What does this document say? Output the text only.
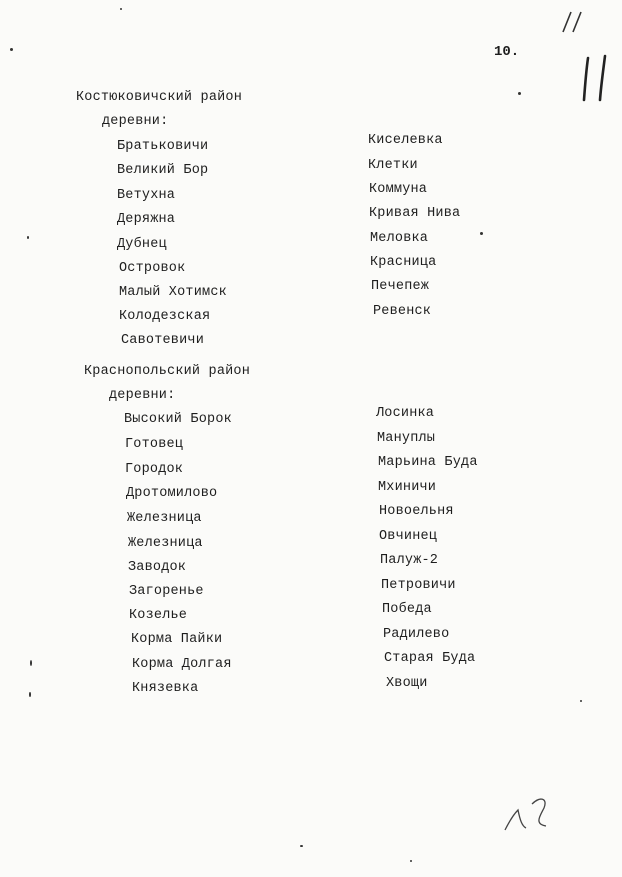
10.
Костюковичский район
деревни:
Братьковичи
Великий Бор
Ветухна
Деряжна
Дубнец
Островок
Малый Хотимск
Колодезская
Савотевичи
Киселевка
Клетки
Коммуна
Кривая Нива
Меловка
Красница
Печепеж
Ревенск
Краснопольский район
деревни:
Высокий Борок
Готовец
Городок
Дротомилово
Железница
Железница
Заводок
Загоренье
Козелье
Корма Пайки
Корма Долгая
Князевка
Лосинка
Мануплы
Марьина Буда
Мхиничи
Новоельня
Овчинец
Палуж-2
Петровичи
Победа
Радилево
Старая Буда
Хвощи
